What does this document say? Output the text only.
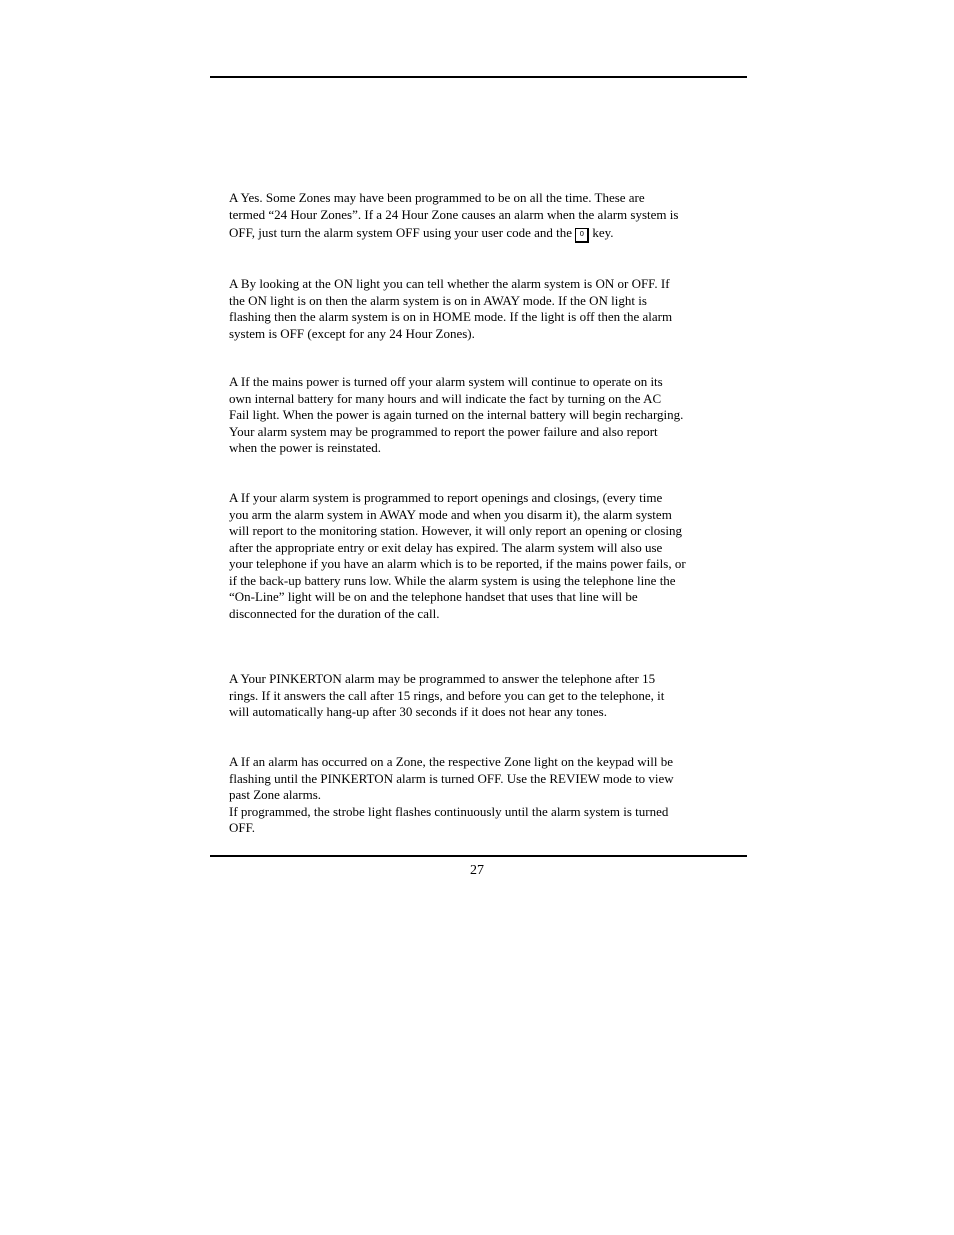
A Yes. Some Zones may have been programmed to be on all the time. These are
termed “24 Hour Zones”. If a 24 Hour Zone causes an alarm when the alarm system is
OFF, just turn the alarm system OFF using your user code and the 0 key.
A By looking at the ON light you can tell whether the alarm system is ON or OFF. If
the ON light is on then the alarm system is on in AWAY mode. If the ON light is
flashing then the alarm system is on in HOME mode. If the light is off then the alarm
system is OFF (except for any 24 Hour Zones).
A If the mains power is turned off your alarm system will continue to operate on its
own internal battery for many hours and will indicate the fact by turning on the AC
Fail light. When the power is again turned on the internal battery will begin recharging.
Your alarm system may be programmed to report the power failure and also report
when the power is reinstated.
A If your alarm system is programmed to report openings and closings, (every time
you arm the alarm system in AWAY mode and when you disarm it), the alarm system
will report to the monitoring station. However, it will only report an opening or closing
after the appropriate entry or exit delay has expired. The alarm system will also use
your telephone if you have an alarm which is to be reported, if the mains power fails, or
if the back-up battery runs low. While the alarm system is using the telephone line the
“On-Line” light will be on and the telephone handset that uses that line will be
disconnected for the duration of the call.
A Your PINKERTON alarm may be programmed to answer the telephone after 15
rings. If it answers the call after 15 rings, and before you can get to the telephone, it
will automatically hang-up after 30 seconds if it does not hear any tones.
A If an alarm has occurred on a Zone, the respective Zone light on the keypad will be
flashing until the PINKERTON alarm is turned OFF. Use the REVIEW mode to view
past Zone alarms.
If programmed, the strobe light flashes continuously until the alarm system is turned
OFF.
27
